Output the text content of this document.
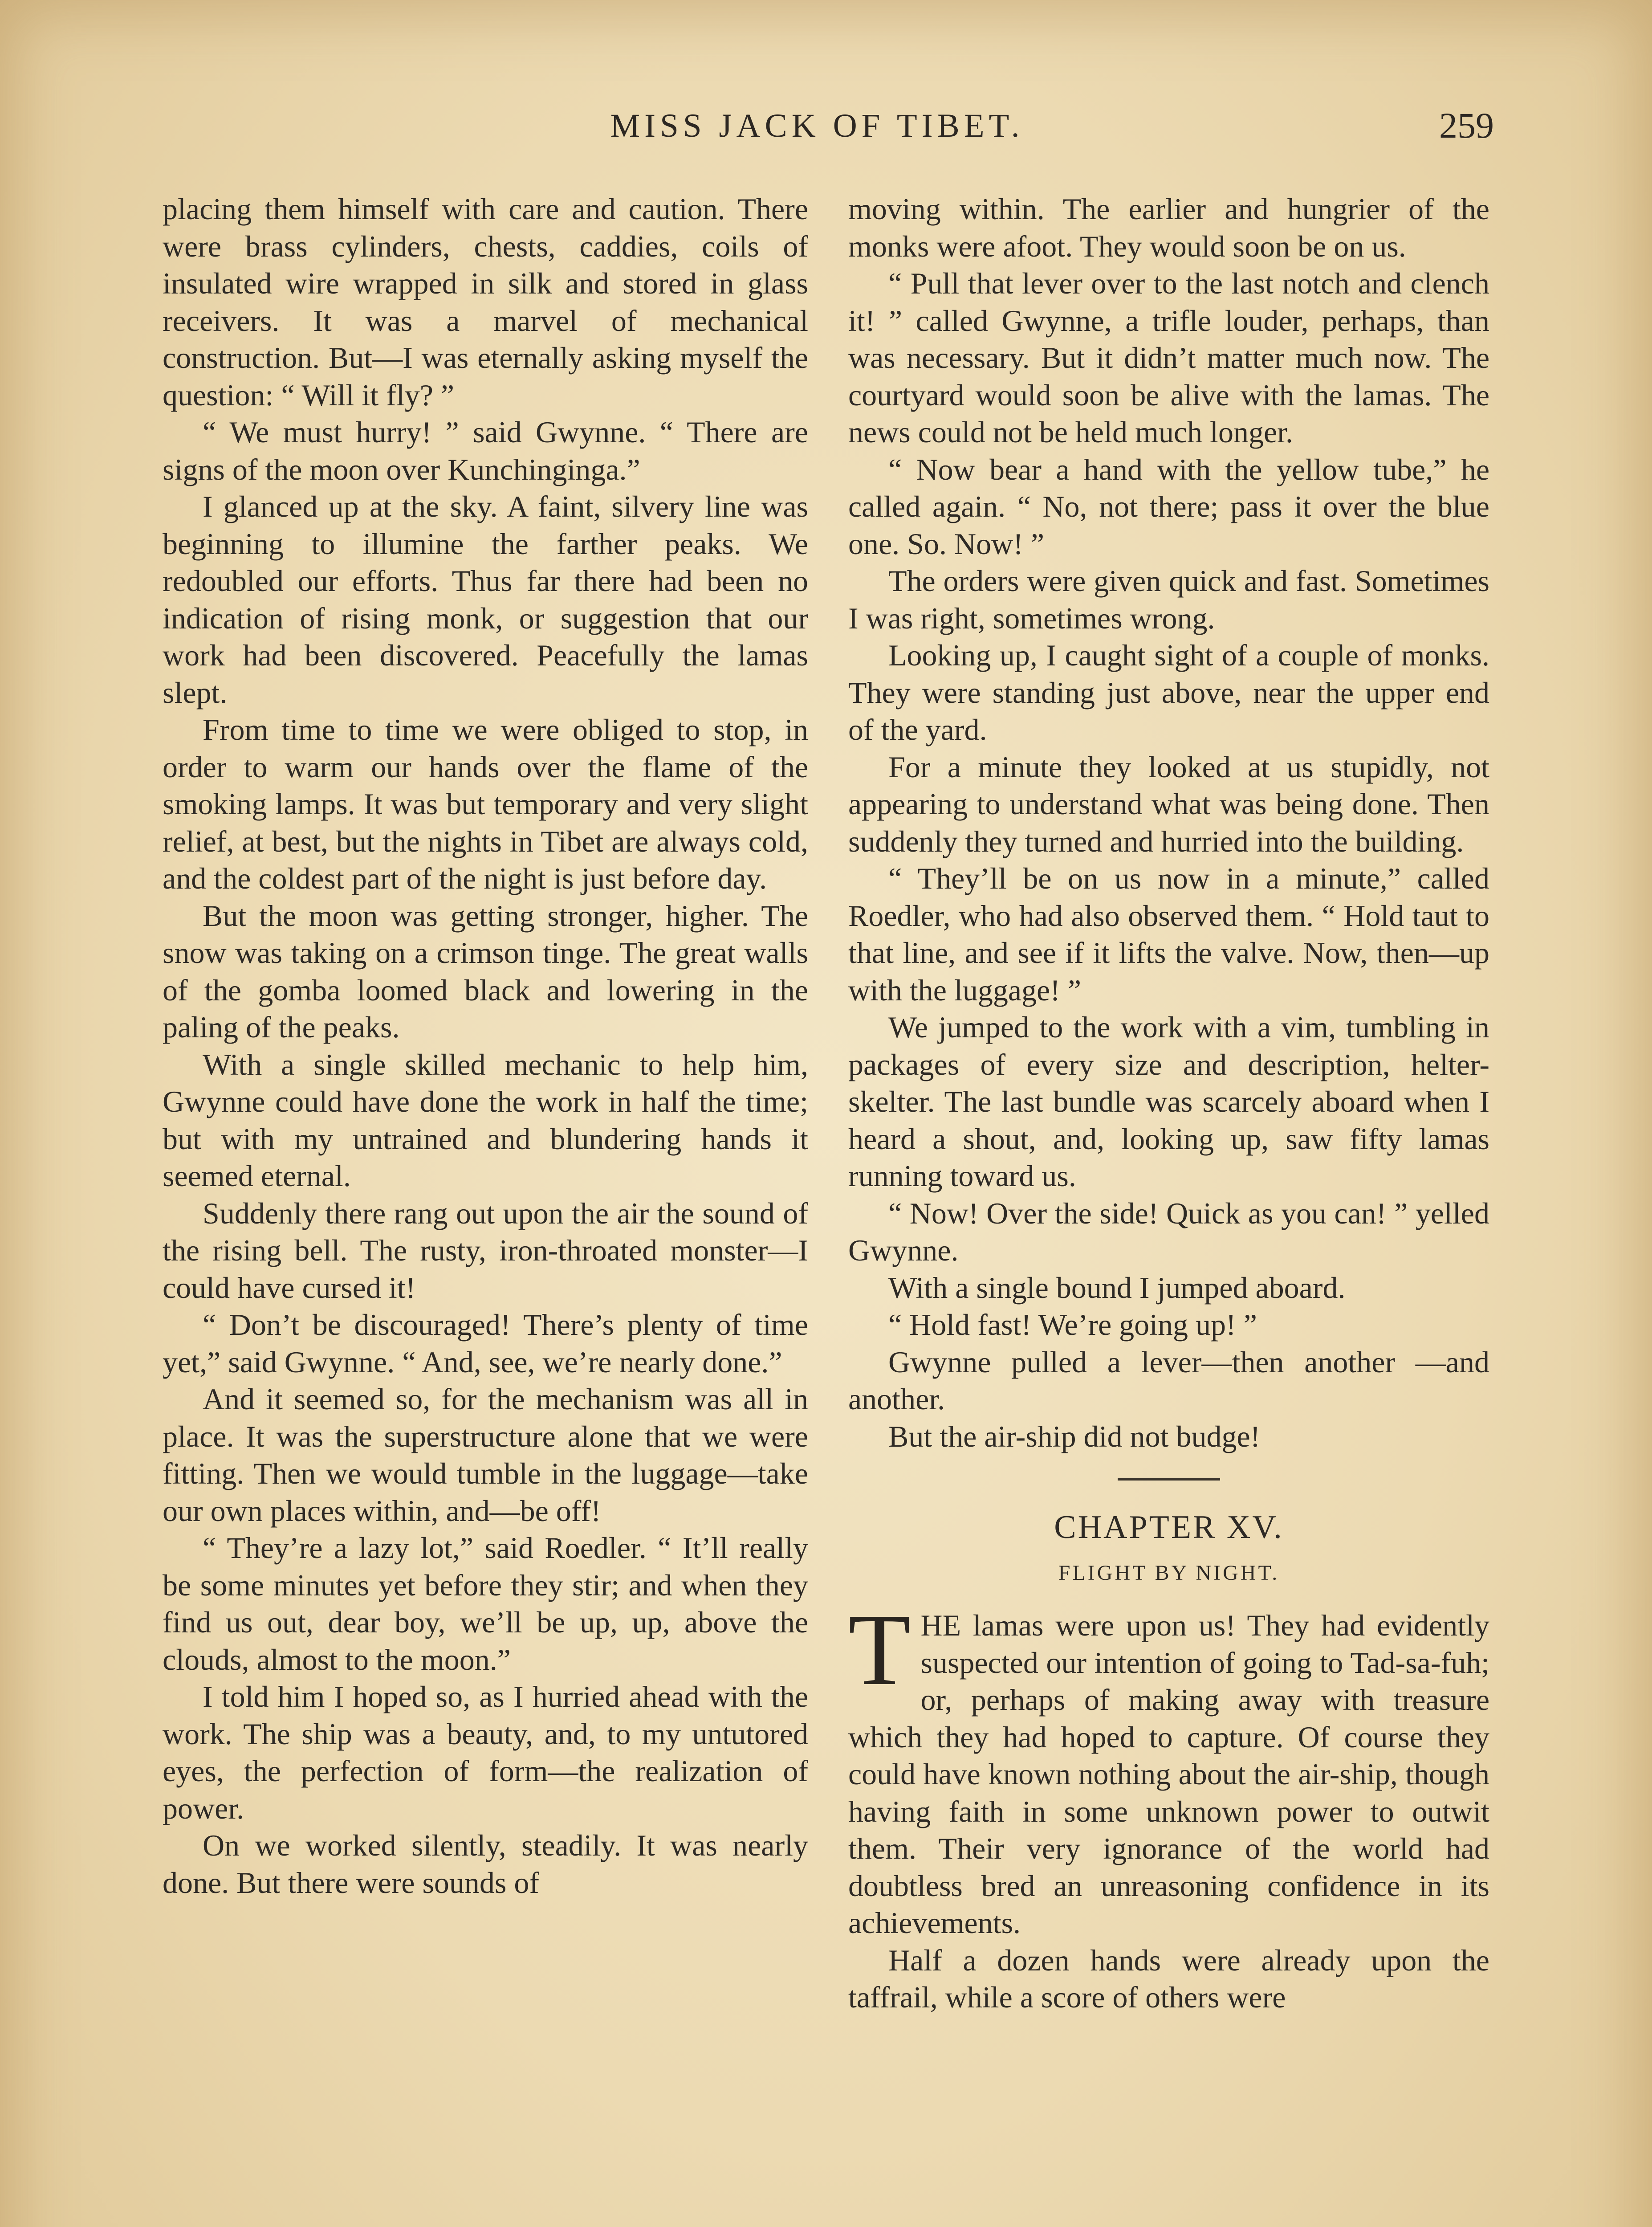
MISS JACK OF TIBET.	259

placing them himself with care and caution. There were brass cylinders, chests, caddies, coils of insulated wire wrapped in silk and stored in glass receivers. It was a marvel of mechanical construction. But—I was eternally asking myself the question: “ Will it fly? ”

“ We must hurry! ” said Gwynne. “ There are signs of the moon over Kunchinginga.”

I glanced up at the sky. A faint, silvery line was beginning to illumine the farther peaks. We redoubled our efforts. Thus far there had been no indication of rising monk, or suggestion that our work had been discovered. Peacefully the lamas slept.

From time to time we were obliged to stop, in order to warm our hands over the flame of the smoking lamps. It was but temporary and very slight relief, at best, but the nights in Tibet are always cold, and the coldest part of the night is just before day.

But the moon was getting stronger, higher. The snow was taking on a crimson tinge. The great walls of the gomba loomed black and lowering in the paling of the peaks.

With a single skilled mechanic to help him, Gwynne could have done the work in half the time; but with my untrained and blundering hands it seemed eternal.

Suddenly there rang out upon the air the sound of the rising bell. The rusty, iron-throated monster—I could have cursed it!

“ Don’t be discouraged! There’s plenty of time yet,” said Gwynne. “ And, see, we’re nearly done.”

And it seemed so, for the mechanism was all in place. It was the superstructure alone that we were fitting. Then we would tumble in the luggage—take our own places within, and—be off!

“ They’re a lazy lot,” said Roedler. “ It’ll really be some minutes yet before they stir; and when they find us out, dear boy, we’ll be up, up, above the clouds, almost to the moon.”

I told him I hoped so, as I hurried ahead with the work. The ship was a beauty, and, to my untutored eyes, the perfection of form—the realization of power.

On we worked silently, steadily. It was nearly done. But there were sounds of

moving within. The earlier and hungrier of the monks were afoot. They would soon be on us.

“ Pull that lever over to the last notch and clench it! ” called Gwynne, a trifle louder, perhaps, than was necessary. But it didn’t matter much now. The courtyard would soon be alive with the lamas. The news could not be held much longer.

“ Now bear a hand with the yellow tube,” he called again. “ No, not there; pass it over the blue one. So. Now! ”

The orders were given quick and fast. Sometimes I was right, sometimes wrong.

Looking up, I caught sight of a couple of monks. They were standing just above, near the upper end of the yard.

For a minute they looked at us stupidly, not appearing to understand what was being done. Then suddenly they turned and hurried into the building.

“ They’ll be on us now in a minute,” called Roedler, who had also observed them. “ Hold taut to that line, and see if it lifts the valve. Now, then—up with the luggage! ”

We jumped to the work with a vim, tumbling in packages of every size and description, helter-skelter. The last bundle was scarcely aboard when I heard a shout, and, looking up, saw fifty lamas running toward us.

“ Now! Over the side! Quick as you can! ” yelled Gwynne.

With a single bound I jumped aboard.

“ Hold fast! We’re going up! ”

Gwynne pulled a lever—then another —and another.

But the air-ship did not budge!

CHAPTER XV.
FLIGHT BY NIGHT.

THE lamas were upon us! They had evidently suspected our intention of going to Tad-sa-fuh; or, perhaps of making away with treasure which they had hoped to capture. Of course they could have known nothing about the air-ship, though having faith in some unknown power to outwit them. Their very ignorance of the world had doubtless bred an unreasoning confidence in its achievements.

Half a dozen hands were already upon the taffrail, while a score of others were
